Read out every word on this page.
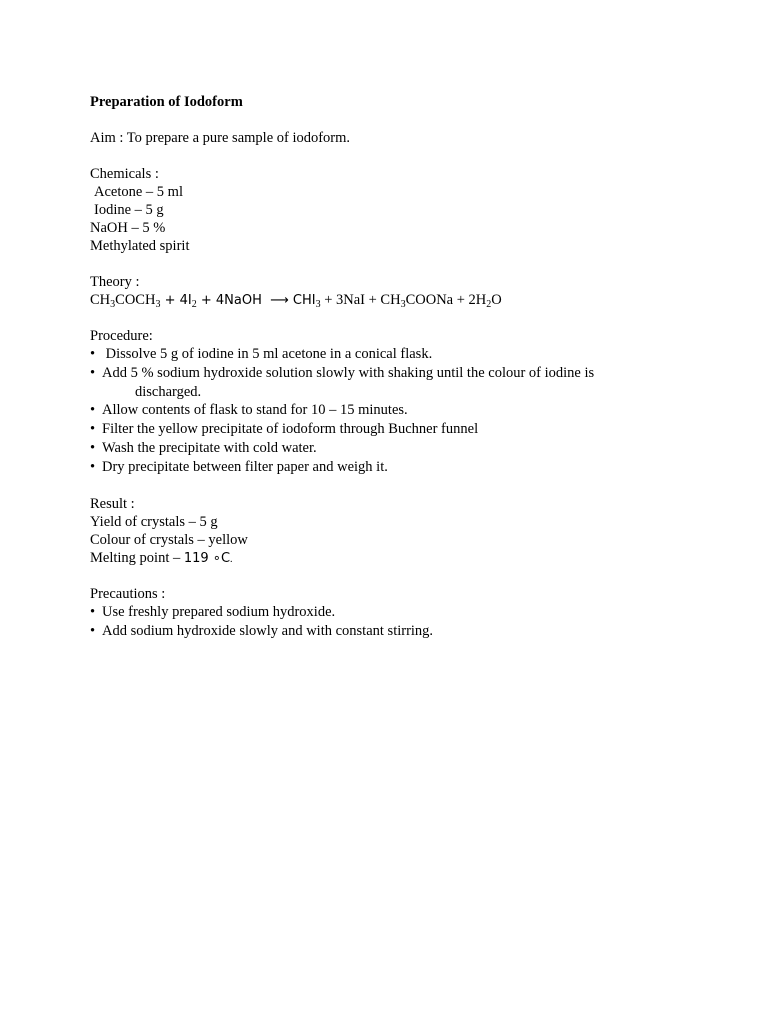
Preparation of Iodoform
Aim : To prepare a pure sample of iodoform.
Chemicals :
Acetone – 5 ml
Iodine – 5 g
NaOH – 5 %
Methylated spirit
Theory :
$CH_3COCH_3 + 4I_2$ + 4NaOH  ⟶ $CHI_3 + 3NaI$ + $CH_3COONa + 2H_2O$
Procedure:
• Dissolve 5 g of iodine in 5 ml acetone in a conical flask.
• Add 5 % sodium hydroxide solution slowly with shaking until the colour of iodine is
discharged.
• Allow contents of flask to stand for 10 – 15 minutes.
• Filter the yellow precipitate of iodoform through Buchner funnel
• Wash the precipitate with cold water.
• Dry precipitate between filter paper and weigh it.
Result :
Yield of crystals – 5 g
Colour of crystals – yellow
Melting point – 119 ∘C.
Precautions :
• Use freshly prepared sodium hydroxide.
• Add sodium hydroxide slowly and with constant stirring.
